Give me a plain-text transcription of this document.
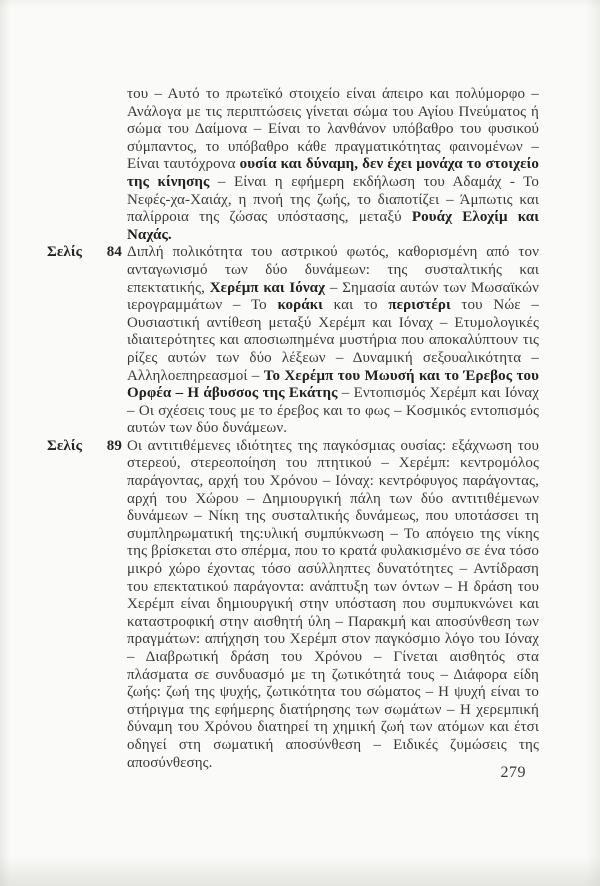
του – Αυτό το πρωτεϊκό στοιχείο είναι άπειρο και πολύμορφο – Ανάλογα με τις περιπτώσεις γίνεται σώμα του Αγίου Πνεύματος ή σώμα του Δαίμονα – Είναι το λανθάνον υπόβαθρο του φυσικού σύμπαντος, το υπόβαθρο κάθε πραγματικότητας φαινομένων – Είναι ταυτόχρονα ουσία και δύναμη, δεν έχει μονάχα το στοιχείο της κίνησης – Είναι η εφήμερη εκδήλωση του Αδαμάχ - Το Νεφές-χα-Χαιάχ, η πνοή της ζωής, το διαποτίζει – Άμπωτις και παλίρροια της ζώσας υπόστασης, μεταξύ Ρουάχ Ελοχίμ και Ναχάς.
Σελίς 84 Διπλή πολικότητα του αστρικού φωτός, καθορισμένη από τον ανταγωνισμό των δύο δυνάμεων: της συσταλτικής και επεκτατικής, Χερέμπ και Ιόναχ – Σημασία αυτών των Μωσαϊκών ιερογραμμάτων – Το κοράκι και το περιστέρι του Νώε – Ουσιαστική αντίθεση μεταξύ Χερέμπ και Ιόναχ – Ετυμολογικές ιδιαιτερότητες και αποσιωπημένα μυστήρια που αποκαλύπτουν τις ρίζες αυτών των δύο λέξεων – Δυναμική σεξουαλικότητα – Αλληλοεπηρεασμοί – Το Χερέμπ του Μωυσή και το Έρεβος του Ορφέα – Η άβυσσος της Εκάτης – Εντοπισμός Χερέμπ και Ιόναχ – Οι σχέσεις τους με το έρεβος και το φως – Κοσμικός εντοπισμός αυτών των δύο δυνάμεων.
Σελίς 89 Οι αντιτιθέμενες ιδιότητες της παγκόσμιας ουσίας: εξάχνωση του στερεού, στερεοποίηση του πτητικού – Χερέμπ: κεντρομόλος παράγοντας, αρχή του Χρόνου – Ιόναχ: κεντρόφυγος παράγοντας, αρχή του Χώρου – Δημιουργική πάλη των δύο αντιτιθέμενων δυνάμεων – Νίκη της συσταλτικής δυνάμεως, που υποτάσσει τη συμπληρωματική της:υλική συμπύκνωση – Το απόγειο της νίκης της βρίσκεται στο σπέρμα, που το κρατά φυλακισμένο σε ένα τόσο μικρό χώρο έχοντας τόσο ασύλληπτες δυνατότητες – Αντίδραση του επεκτατικού παράγοντα: ανάπτυξη των όντων – Η δράση του Χερέμπ είναι δημιουργική στην υπόσταση που συμπυκνώνει και καταστροφική στην αισθητή ύλη – Παρακμή και αποσύνθεση των πραγμάτων: απήχηση του Χερέμπ στον παγκόσμιο λόγο του Ιόναχ – Διαβρωτική δράση του Χρόνου – Γίνεται αισθητός στα πλάσματα σε συνδυασμό με τη ζωτικότητά τους – Διάφορα είδη ζωής: ζωή της ψυχής, ζωτικότητα του σώματος – Η ψυχή είναι το στήριγμα της εφήμερης διατήρησης των σωμάτων – Η χερεμπική δύναμη του Χρόνου διατηρεί τη χημική ζωή των ατόμων και έτσι οδηγεί στη σωματική αποσύνθεση – Ειδικές ζυμώσεις της αποσύνθεσης.
279
